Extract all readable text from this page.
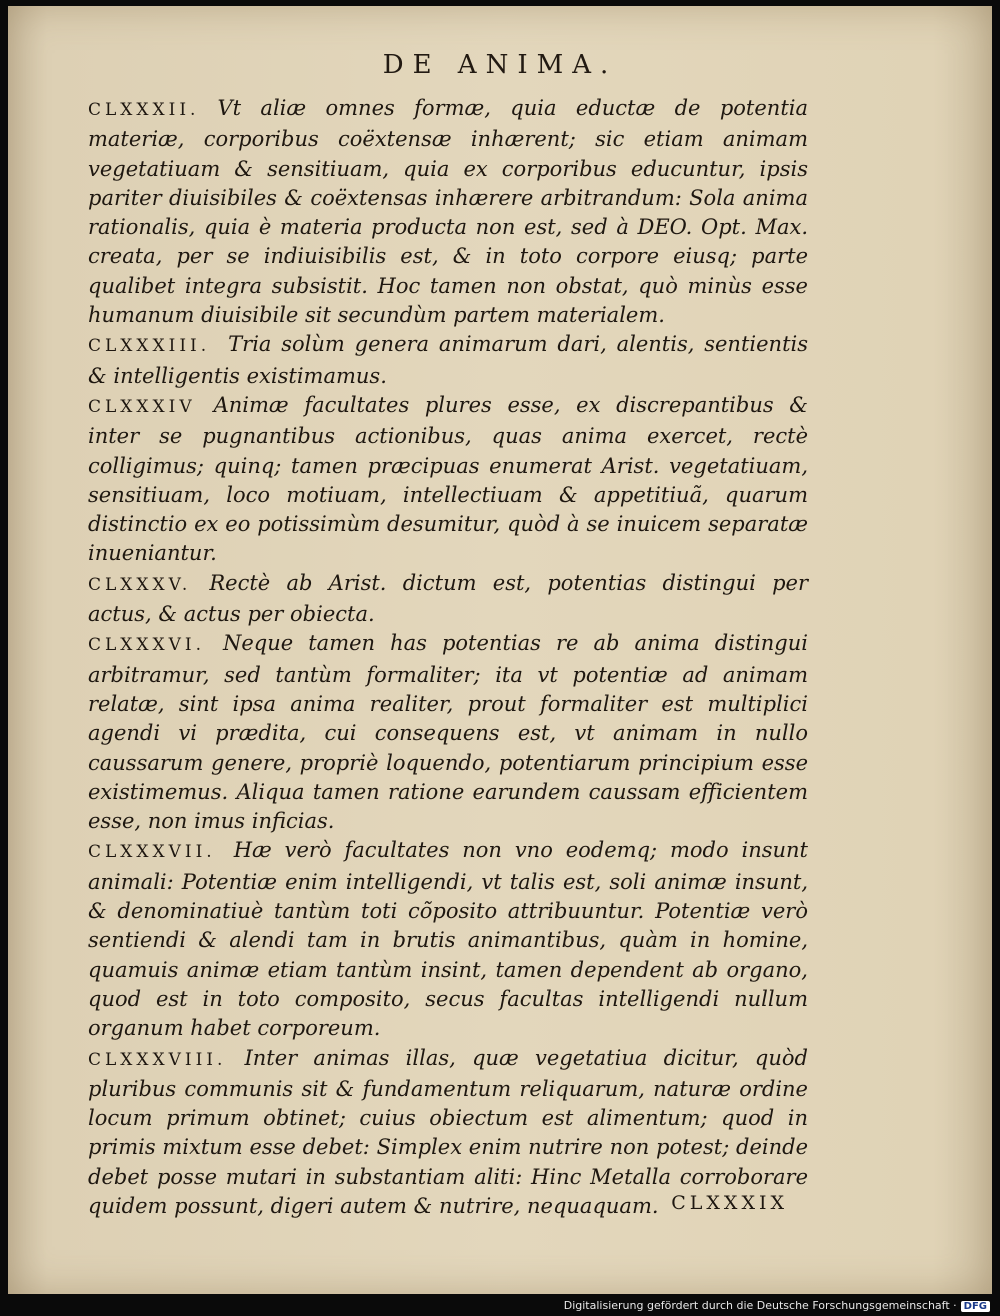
DE ANIMA.

CLXXXII. Vt aliæ omnes formæ, quia eductæ de potentia materiæ, corporibus coëxtensæ inhærent; sic etiam animam vegetatiuam & sensitiuam, quia ex corporibus educuntur, ipsis pariter diuisibiles & coëxtensas inhærere arbitrandum: Sola anima rationalis, quia è materia producta non est, sed à DEO. Opt. Max. creata, per se indiuisibilis est, & in toto corpore eiusq; parte qualibet integra subsistit. Hoc tamen non obstat, quò minùs esse humanum diuisibile sit secundùm partem materialem.

CLXXXIII. Tria solùm genera animarum dari, alentis, sentientis & intelligentis existimamus.

CLXXXIV Animæ facultates plures esse, ex discrepantibus & inter se pugnantibus actionibus, quas anima exercet, rectè colligimus; quinq; tamen præcipuas enumerat Arist. vegetatiuam, sensitiuam, loco motiuam, intellectiuam & appetitiuã, quarum distinctio ex eo potissimùm desumitur, quòd à se inuicem separatæ inueniantur.

CLXXXV. Rectè ab Arist. dictum est, potentias distingui per actus, & actus per obiecta.

CLXXXVI. Neque tamen has potentias re ab anima distingui arbitramur, sed tantùm formaliter; ita vt potentiæ ad animam relatæ, sint ipsa anima realiter, prout formaliter est multiplici agendi vi prædita, cui consequens est, vt animam in nullo caussarum genere, propriè loquendo, potentiarum principium esse existimemus. Aliqua tamen ratione earundem caussam efficientem esse, non imus inficias.

CLXXXVII. Hæ verò facultates non vno eodemq; modo insunt animali: Potentiæ enim intelligendi, vt talis est, soli animæ insunt, & denominatiuè tantùm toti cõposito attribuuntur. Potentiæ verò sentiendi & alendi tam in brutis animantibus, quàm in homine, quamuis animæ etiam tantùm insint, tamen dependent ab organo, quod est in toto composito, secus facultas intelligendi nullum organum habet corporeum.

CLXXXVIII. Inter animas illas, quæ vegetatiua dicitur, quòd pluribus communis sit & fundamentum reliquarum, naturæ ordine locum primum obtinet; cuius obiectum est alimentum; quod in primis mixtum esse debet: Simplex enim nutrire non potest; deinde debet posse mutari in substantiam aliti: Hinc Metalla corroborare quidem possunt, digeri autem & nutrire, nequaquam. CLXXXIX
Digitalisierung gefördert durch die Deutsche Forschungsgemeinschaft · DFG
